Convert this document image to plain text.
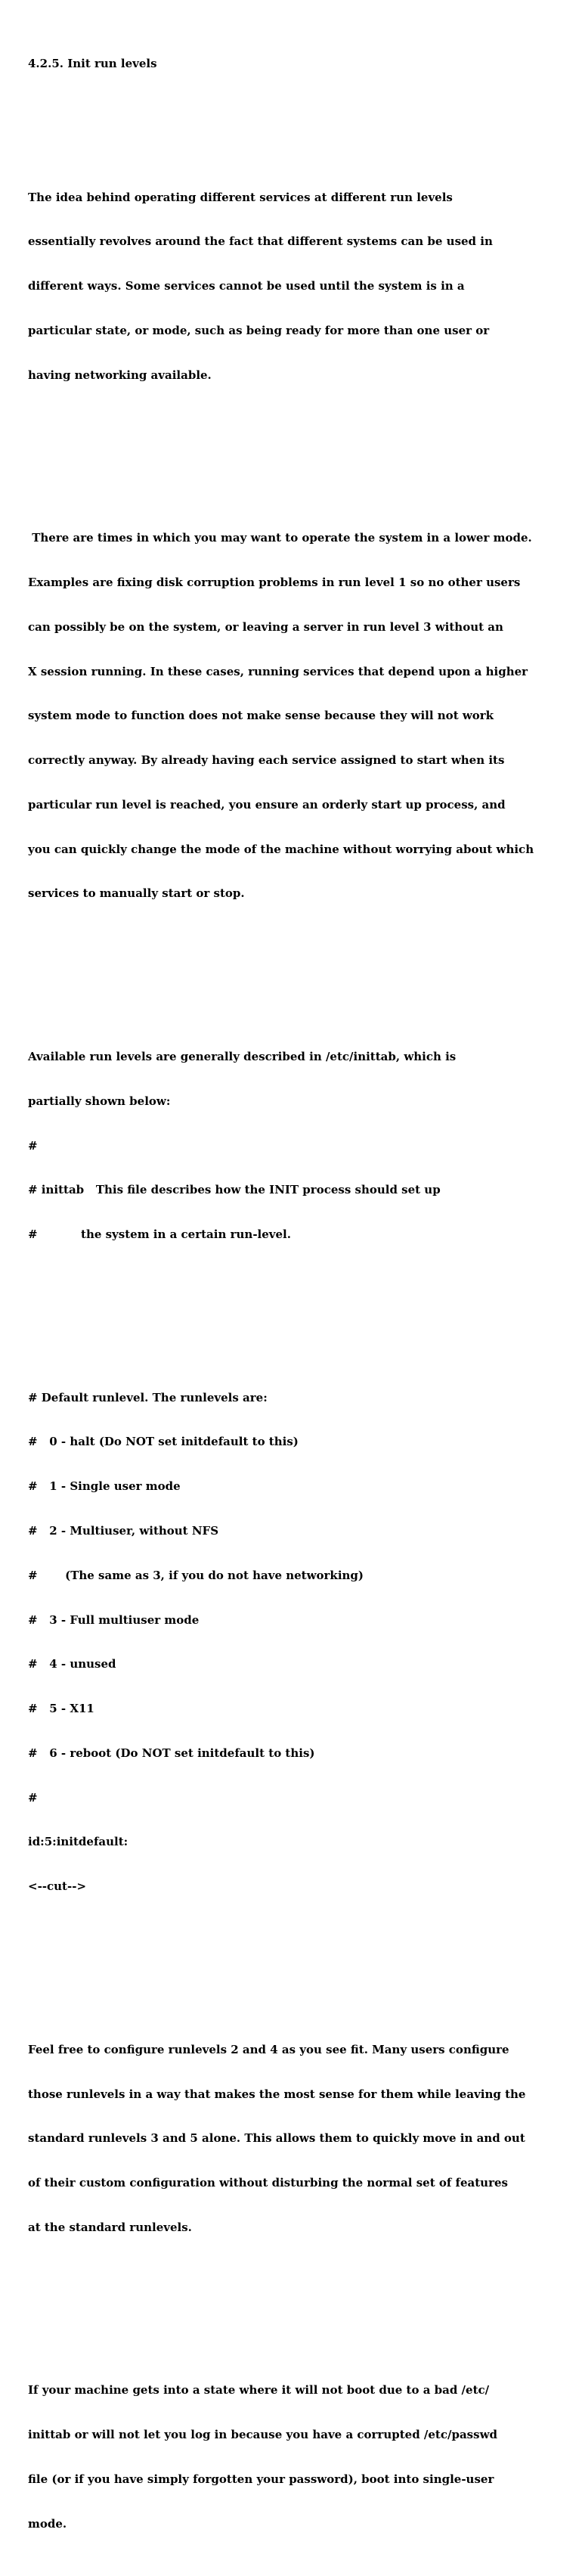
4.2.5. Init run levels

The idea behind operating different services at different run levels

essentially revolves around the fact that different systems can be used in

different ways. Some services cannot be used until the system is in a

particular state, or mode, such as being ready for more than one user or

having networking available.

There are times in which you may want to operate the system in a lower mode.

Examples are fixing disk corruption problems in run level 1 so no other users

can possibly be on the system, or leaving a server in run level 3 without an

X session running. In these cases, running services that depend upon a higher

system mode to function does not make sense because they will not work

correctly anyway. By already having each service assigned to start when its

particular run level is reached, you ensure an orderly start up process, and

you can quickly change the mode of the machine without worrying about which

services to manually start or stop.

Available run levels are generally described in /etc/inittab, which is

partially shown below:

#

# inittab   This file describes how the INIT process should set up

#           the system in a certain run-level.

# Default runlevel. The runlevels are:

#   0 - halt (Do NOT set initdefault to this)

#   1 - Single user mode

#   2 - Multiuser, without NFS

#       (The same as 3, if you do not have networking)

#   3 - Full multiuser mode

#   4 - unused

#   5 - X11

#   6 - reboot (Do NOT set initdefault to this)

#

id:5:initdefault:

<--cut-->

Feel free to configure runlevels 2 and 4 as you see fit. Many users configure

those runlevels in a way that makes the most sense for them while leaving the

standard runlevels 3 and 5 alone. This allows them to quickly move in and out

of their custom configuration without disturbing the normal set of features

at the standard runlevels.

If your machine gets into a state where it will not boot due to a bad /etc/

inittab or will not let you log in because you have a corrupted /etc/passwd

file (or if you have simply forgotten your password), boot into single-user

mode.
